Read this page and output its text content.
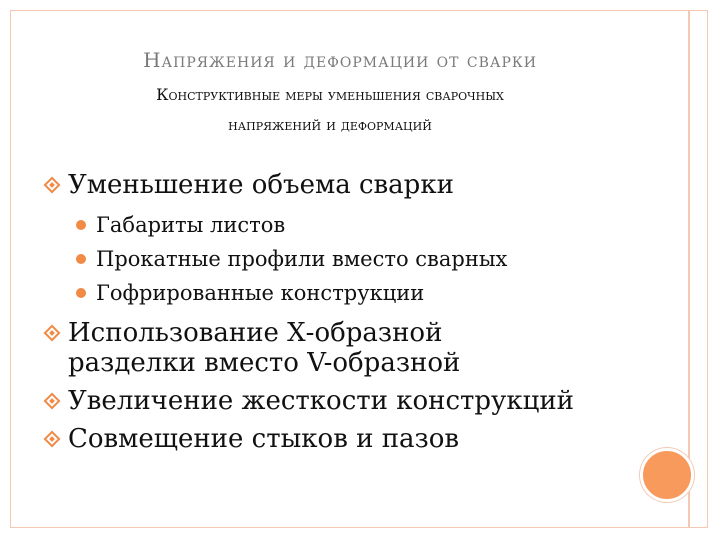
Напряжения и деформации от сварки
Конструктивные меры уменьшения сварочных
напряжений и деформаций
Уменьшение объема сварки
Габариты листов
Прокатные профили вместо сварных
Гофрированные конструкции
Использование Х-образной
разделки вместо V-образной
Увеличение жесткости конструкций
Совмещение стыков и пазов
